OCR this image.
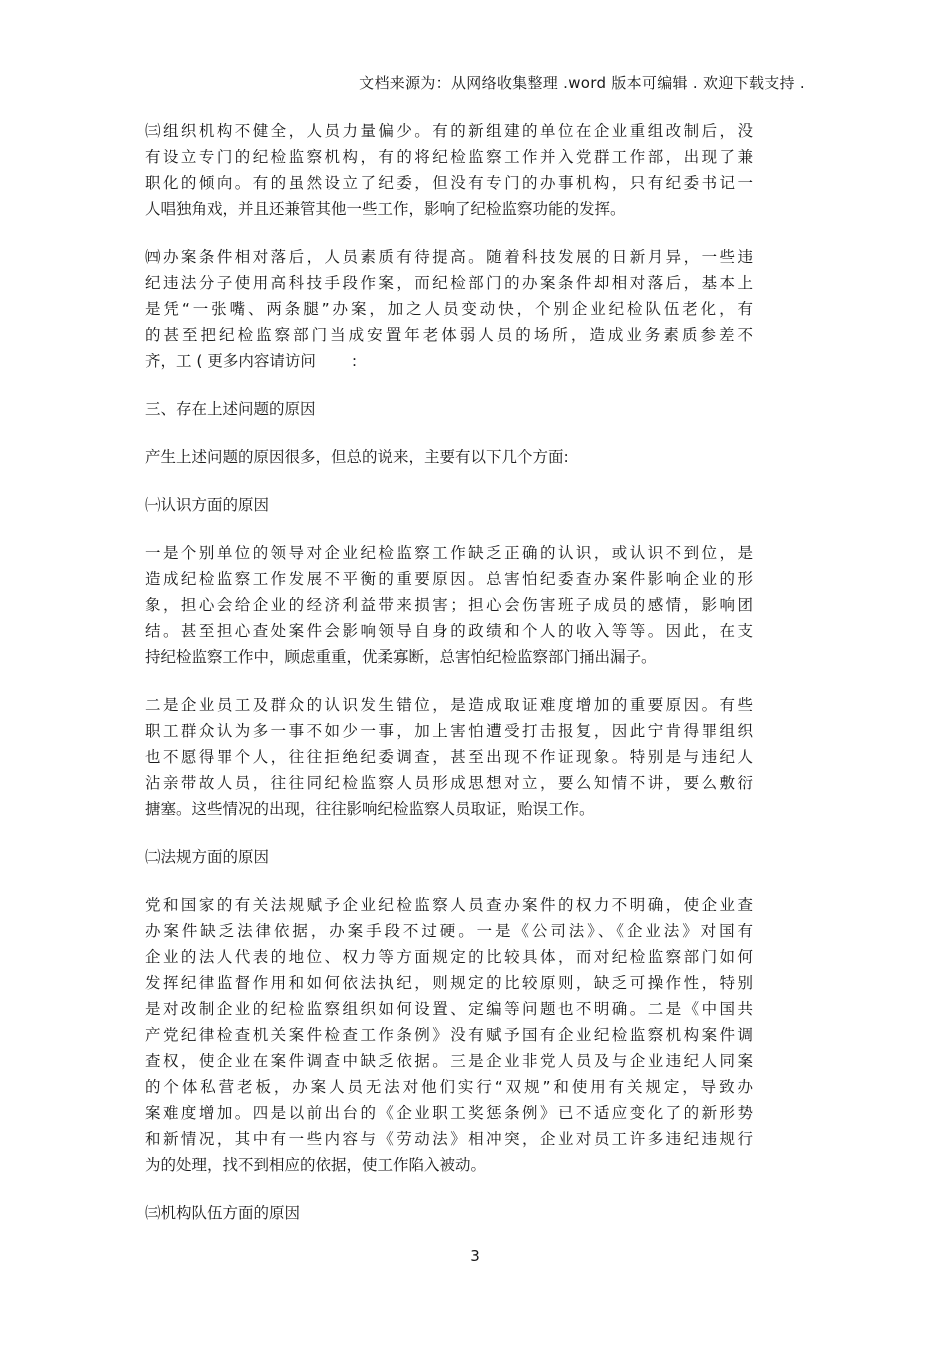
文档来源为：从网络收集整理 .word 版本可编辑 . 欢迎下载支持 .

㈢组织机构不健全，人员力量偏少。有的新组建的单位在企业重组改制后，没
有设立专门的纪检监察机构，有的将纪检监察工作并入党群工作部，出现了兼
职化的倾向。有的虽然设立了纪委，但没有专门的办事机构，只有纪委书记一
人唱独角戏，并且还兼管其他一些工作，影响了纪检监察功能的发挥。

㈣办案条件相对落后，人员素质有待提高。随着科技发展的日新月异，一些违
纪违法分子使用高科技手段作案，而纪检部门的办案条件却相对落后，基本上
是凭“一张嘴、两条腿”办案，加之人员变动快，个别企业纪检队伍老化，有
的甚至把纪检监察部门当成安置年老体弱人员的场所，造成业务素质参差不
齐，工 ( 更多内容请访问　　 :

三、存在上述问题的原因

产生上述问题的原因很多，但总的说来，主要有以下几个方面:

㈠认识方面的原因

一是个别单位的领导对企业纪检监察工作缺乏正确的认识，或认识不到位，是
造成纪检监察工作发展不平衡的重要原因。总害怕纪委查办案件影响企业的形
象，担心会给企业的经济利益带来损害；担心会伤害班子成员的感情，影响团
结。甚至担心查处案件会影响领导自身的政绩和个人的收入等等。因此，在支
持纪检监察工作中，顾虑重重，优柔寡断，总害怕纪检监察部门捅出漏子。

二是企业员工及群众的认识发生错位，是造成取证难度增加的重要原因。有些
职工群众认为多一事不如少一事，加上害怕遭受打击报复，因此宁肯得罪组织
也不愿得罪个人，往往拒绝纪委调查，甚至出现不作证现象。特别是与违纪人
沾亲带故人员，往往同纪检监察人员形成思想对立，要么知情不讲，要么敷衍
搪塞。这些情况的出现，往往影响纪检监察人员取证，贻误工作。

㈡法规方面的原因

党和国家的有关法规赋予企业纪检监察人员查办案件的权力不明确，使企业查
办案件缺乏法律依据，办案手段不过硬。一是《公司法》、《企业法》对国有
企业的法人代表的地位、权力等方面规定的比较具体，而对纪检监察部门如何
发挥纪律监督作用和如何依法执纪，则规定的比较原则，缺乏可操作性，特别
是对改制企业的纪检监察组织如何设置、定编等问题也不明确。二是《中国共
产党纪律检查机关案件检查工作条例》没有赋予国有企业纪检监察机构案件调
查权，使企业在案件调查中缺乏依据。三是企业非党人员及与企业违纪人同案
的个体私营老板，办案人员无法对他们实行“双规”和使用有关规定，导致办
案难度增加。四是以前出台的《企业职工奖惩条例》已不适应变化了的新形势
和新情况，其中有一些内容与《劳动法》相冲突，企业对员工许多违纪违规行
为的处理，找不到相应的依据，使工作陷入被动。

㈢机构队伍方面的原因

3
